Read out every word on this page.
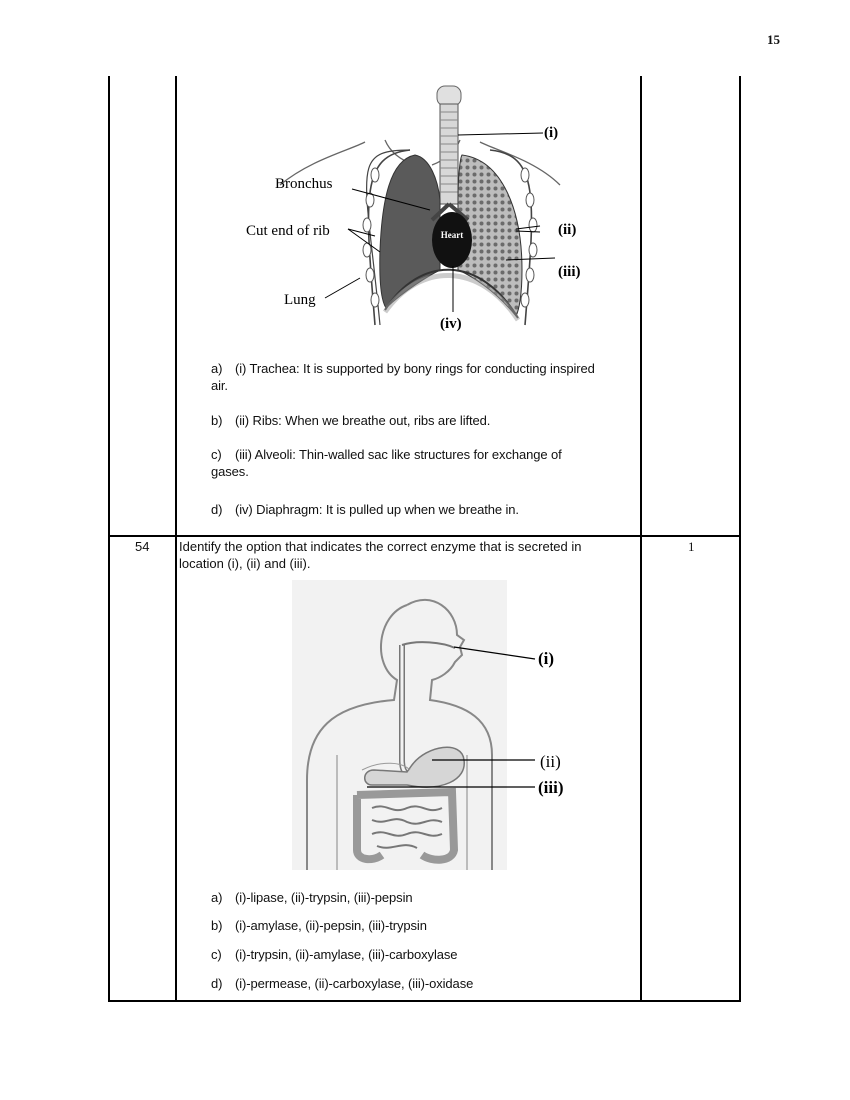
15
Heart
(i)
Bronchus
Cut end of rib
Lung
(ii)
(iii)
(iv)
a) (i) Trachea: It is supported by bony rings for conducting inspired
air.
b) (ii) Ribs: When we breathe out, ribs are lifted.
c) (iii) Alveoli: Thin-walled sac like structures for exchange of
gases.
d) (iv) Diaphragm: It is pulled up when we breathe in.
54	1
Identify the option that indicates the correct enzyme that is secreted in
location (i), (ii) and (iii).
(i)
(ii)
(iii)
a) (i)-lipase, (ii)-trypsin, (iii)-pepsin
b) (i)-amylase, (ii)-pepsin, (iii)-trypsin
c) (i)-trypsin, (ii)-amylase, (iii)-carboxylase
d) (i)-permease, (ii)-carboxylase, (iii)-oxidase
